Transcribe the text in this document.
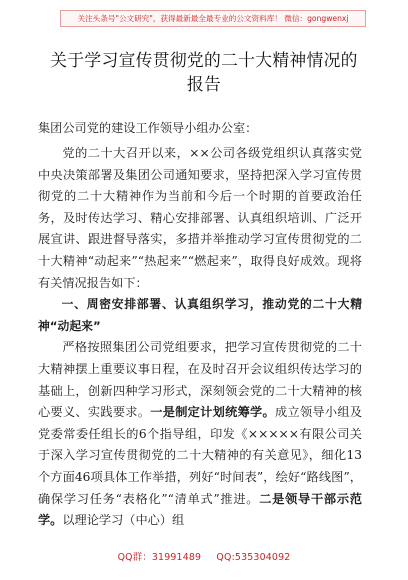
关注头条号"公文研究"，获得最新最全最专业的公文资料库！ 微信：gongwenxj
关于学习宣传贯彻党的二十大精神情况的报告
集团公司党的建设工作领导小组办公室：

党的二十大召开以来，××公司各级党组织认真落实党中央决策部署及集团公司通知要求，坚持把深入学习宣传贯彻党的二十大精神作为当前和今后一个时期的首要政治任务，及时传达学习、精心安排部署、认真组织培训、广泛开展宣讲、跟进督导落实，多措并举推动学习宣传贯彻党的二十大精神“动起来”“热起来”“燃起来”，取得良好成效。现将有关情况报告如下：

一、周密安排部署、认真组织学习，推动党的二十大精神“动起来”

严格按照集团公司党组要求，把学习宣传贯彻党的二十大精神摆上重要议事日程，在及时召开会议组织传达学习的基础上，创新四种学习形式，深刻领会党的二十大精神的核心要义、实践要求。一是制定计划统筹学。成立领导小组及党委常委任组长的6个指导组，印发《×××××有限公司关于深入学习宣传贯彻党的二十大精神的有关意见》，细化13个方面46项具体工作举措，列好“时间表”，绘好“路线图”，确保学习任务“表格化”“清单式”推进。二是领导干部示范学。以理论学习（中心）组

QQ群：31991489 QQ:535304092
